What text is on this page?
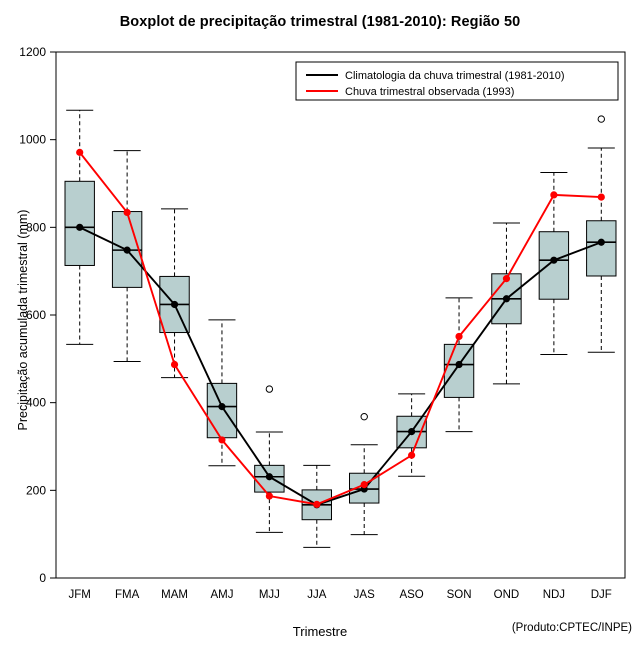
Boxplot de precipitação trimestral (1981-2010): Região 50
Precipitação acumulada trimestral (mm)
Trimestre	(Produto:CPTEC/INPE)
0
200
400
600
800
1000
1200
JFM FMA MAM AMJ MJJ JJA JAS ASO SON OND NDJ DJF
Climatologia da chuva trimestral (1981-2010)
Chuva trimestral observada (1993)
